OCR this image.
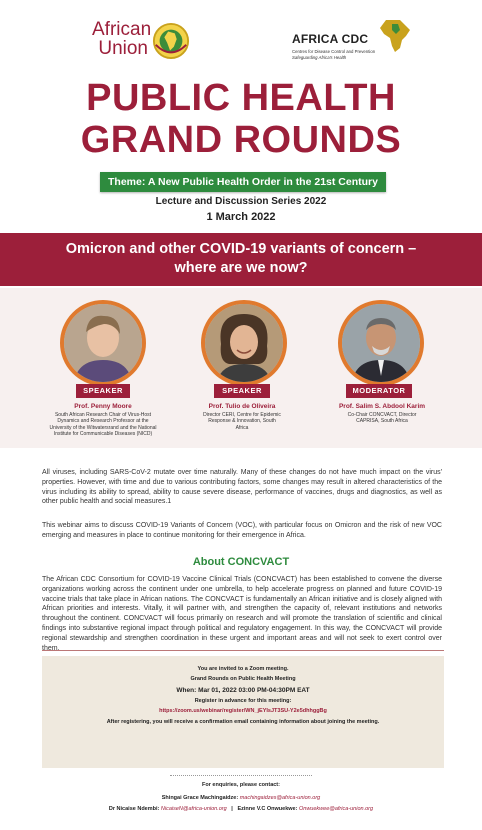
African
Union	AFRICA CDC
Centres for Disease Control and Prevention
Safeguarding Africa's Health
PUBLIC HEALTH
GRAND ROUNDS
Theme: A New Public Health Order in the 21st Century
Lecture and Discussion Series 2022
1 March 2022
Omicron and other COVID-19 variants of concern –
where are we now?
SPEAKER
Prof. Penny Moore
South African Research Chair of Virus-Host
Dynamics and Research Professor at the
University of the Witwatersrand and the National
Institute for Communicable Diseases (NICD)
SPEAKER
Prof. Tulio de Oliveira
Director CERI, Centre for Epidemic
Response & Innovation, South
Africa
MODERATOR
Prof. Salim S. Abdool Karim
Co-Chair CONCVACT, Director
CAPRISA, South Africa
All viruses, including SARS-CoV-2 mutate over time naturally. Many of these changes do not have much impact on the virus' properties. However, with time and due to various contributing factors, some changes may result in altered characteristics of the virus including its ability to spread, ability to cause severe disease, performance of vaccines, drugs and diagnostics, as well as other public health and social measures.1
This webinar aims to discuss COVID-19 Variants of Concern (VOC), with particular focus on Omicron and the risk of new VOC emerging and measures in place to continue monitoring for their emergence in Africa.
About CONCVACT
The African CDC Consortium for COVID-19 Vaccine Clinical Trials (CONCVACT) has been established to convene the diverse organizations working across the continent under one umbrella, to help accelerate progress on planned and future COVID-19 vaccine trials that take place in African nations. The CONCVACT is fundamentally an African initiative and is closely aligned with African priorities and interests. Vitally, it will partner with, and strengthen the capacity of, relevant institutions and networks throughout the continent. CONCVACT will focus primarily on research and will promote the translation of scientific and clinical findings into substantive regional impact through political and regulatory engagement. In this way, the CONCVACT will provide regional stewardship and strengthen coordination in these urgent and important areas and will not seek to exert control over them.
You are invited to a Zoom meeting.
Grand Rounds on Public Health Meeting
When: Mar 01, 2022 03:00 PM-04:30PM EAT
Register in advance for this meeting:
https://zoom.us/webinar/register/WN_jEYIsJT3SU-Y2e5dhhggBg
After registering, you will receive a confirmation email containing information about joining the meeting.
For enquiries, please contact:
Shingai Grace Machingaidze: machingaidzes@africa-union.org
Dr Nicaise Ndembi: NicaiseN@africa-union.org | Ezinne V.C Onwuekwe: Onwuekwee@africa-union.org
